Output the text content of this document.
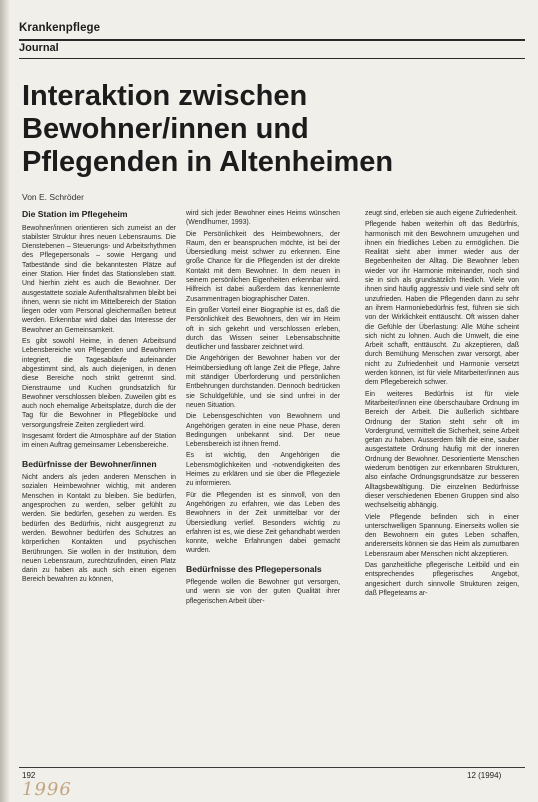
Krankenpflege
Journal
Interaktion zwischen
Bewohner/innen und
Pflegenden in Altenheimen
Von E. Schröder
Die Station im Pflegeheim

Bewohner/innen orientieren sich zumeist an der stabilster Struktur ihres neuen Lebensraums. Die Dienstebenen – Steuerungs- und Arbeitsrhythmen des Pflegepersonals – sowie Hergang und Tatbestände sind die bekanntesten Plätze auf einer Station. Hier findet das Stationsleben statt. Und hierhin zieht es auch die Bewohner. Der ausgestattete soziale Aufenthaltsrahmen bleibt bei ihnen, wenn sie nicht im Mittelbereich der Station liegen oder vom Personal gleichermaßen betreut werden. Erkennbar wird dabei das Interesse der Bewohner an Gemeinsamkeit.

Es gibt sowohl Heime, in denen Arbeitsund Lebensbereiche von Pflegenden und Bewohnern integriert, die Tagesablaufe aufeinander abgestimmt sind, als auch diejenigen, in denen diese Bereiche noch strikt getrennt sind. Dienstraume und Kuchen grundsatzlich für Bewohner verschlossen bleiben. Zuweilen gibt es auch noch ehemalige Arbeitsplatze, durch die der Tag für die Bewohner in Pflegeblöcke und versorgungsfreie Zeiten zergliedert wird.

Insgesamt fördert die Atmosphäre auf der Station im einen Auftrag gemeinsamer Lebensbereiche.

Bedürfnisse der Bewohner/innen

Nicht anders als jeden anderen Menschen in sozialen Heimbewohner wichtig, mit anderen Menschen in Kontakt zu bleiben. Sie bedürfen, angesprochen zu werden, selber gefühlt zu werden. Sie bedürfen, gesehen zu werden. Es bedürfen des Bedürfnis, nicht ausgegrenzt zu werden. Bewohner bedürfen des Schutzes an körperlichen Kontakten und psychischen Berührungen. Sie wollen in der Institution, dem neuen Lebensraum, zurechtzufinden, einen Platz darin zu haben als auch sich einen eigenen Bereich bewahren zu können,

wird sich jeder Bewohner eines Heims wünschen (Wendlhurner, 1993).

Die Persönlichkeit des Heimbewohners, der Raum, den er beanspruchen möchte, ist bei der Übersiedlung meist schwer zu erkennen. Eine große Chance für die Pflegenden ist der direkte Kontakt mit dem Bewohner. In dem neuen in seinem persönlichen Eigenheiten erkennbar wird. Hilfreich ist dabei außerdem das kennenlernte Zusammentragen biographischer Daten.

Ein großer Vorteil einer Biographie ist es, daß die Persönlichkeit des Bewohners, den wir im Heim oft in sich gekehrt und verschlossen erleben, durch das Wissen seiner Lebensabschnitte deutlicher und fassbarer zeichnet wird.

Die Angehörigen der Bewohner haben vor der Heimübersiedlung oft lange Zeit die Pflege, Jahre mit ständiger Überforderung und persönlichen Entbehrungen durchstanden. Dennoch bedrücken sie Schuldgefühle, und sie sind unfrei in der neuen Situation.

Die Lebensgeschichten von Bewohnern und Angehörigen geraten in eine neue Phase, deren Bedingungen unbekannt sind. Der neue Lebensbereich ist ihnen fremd.

Es ist wichtig, den Angehörigen die Lebensmöglichkeiten und -notwendigkeiten des Heimes zu erklären und sie über die Pflegeziele zu informieren.

Für die Pflegenden ist es sinnvoll, von den Angehörigen zu erfahren, wie das Leben des Bewohners in der Zeit unmittelbar vor der Übersiedlung verlief. Besonders wichtig zu erfahren ist es, wie diese Zeit gehandhabt werden konnte, welche Erfahrungen dabei gemacht wurden.

Bedürfnisse des Pflegepersonals

Pflegende wollen die Bewohner gut versorgen, und wenn sie von der guten Qualität ihrer pflegerischen Arbeit über-

zeugt sind, erleben sie auch eigene Zufriedenheit.

Pflegende haben weiterhin oft das Bedürfnis, harmonisch mit den Bewohnern umzugehen und ihnen ein friedliches Leben zu ermöglichen. Die Realität sieht aber immer wieder aus der Begebenheiten der Alltag. Die Bewohner leben wieder vor ihr Harmonie miteinander, noch sind sie in sich als grundsätzlich friedlich. Viele von ihnen sind häufig aggressiv und viele sind sehr oft unzufrieden. Haben die Pflegenden dann zu sehr an ihrem Harmoniebedürfnis fest, führen sie sich von der Wirklichkeit enttäuscht. Oft wissen daher die Gefühle der Überlastung: Alle Mühe scheint sich nicht zu lohnen. Auch die Umwelt, die eine Arbeit schafft, enttäuscht. Zu akzeptieren, daß durch Bemühung Menschen zwar versorgt, aber nicht zu Zufriedenheit und Harmonie versetzt werden können, ist für viele Mitarbeiter/innen aus dem Pflegebereich schwer.

Ein weiteres Bedürfnis ist für viele Mitarbeiter/innen eine überschaubare Ordnung im Bereich der Arbeit. Die äußerlich sichtbare Ordnung der Station steht sehr oft im Vordergrund, vermittelt die Sicherheit, seine Arbeit getan zu haben. Ausserdem fällt die eine, sauber ausgestattete Ordnung häufig mit der inneren Ordnung der Bewohner. Desorientierte Menschen wiederum benötigen zur erkennbaren Strukturen, also einfache Ordnungsgrundsätze zur besseren Alltagsbewältigung. Die einzelnen Bedürfnisse dieser verschiedenen Ebenen Gruppen sind also wechselseitig abhängig.

Viele Pflegende befinden sich in einer unterschwelligen Spannung. Einerseits wollen sie den Bewohnern ein gutes Leben schaffen, andererseits können sie das Heim als zumutbaren Lebensraum aber Menschen nicht akzeptieren.

Das ganzheitliche pflegerische Leitbild und ein entsprechendes pflegerisches Angebot, angesichert durch sinnvolle Strukturen zeigen, daß Pflegeteams ar-

192	12 (1994)
1996
